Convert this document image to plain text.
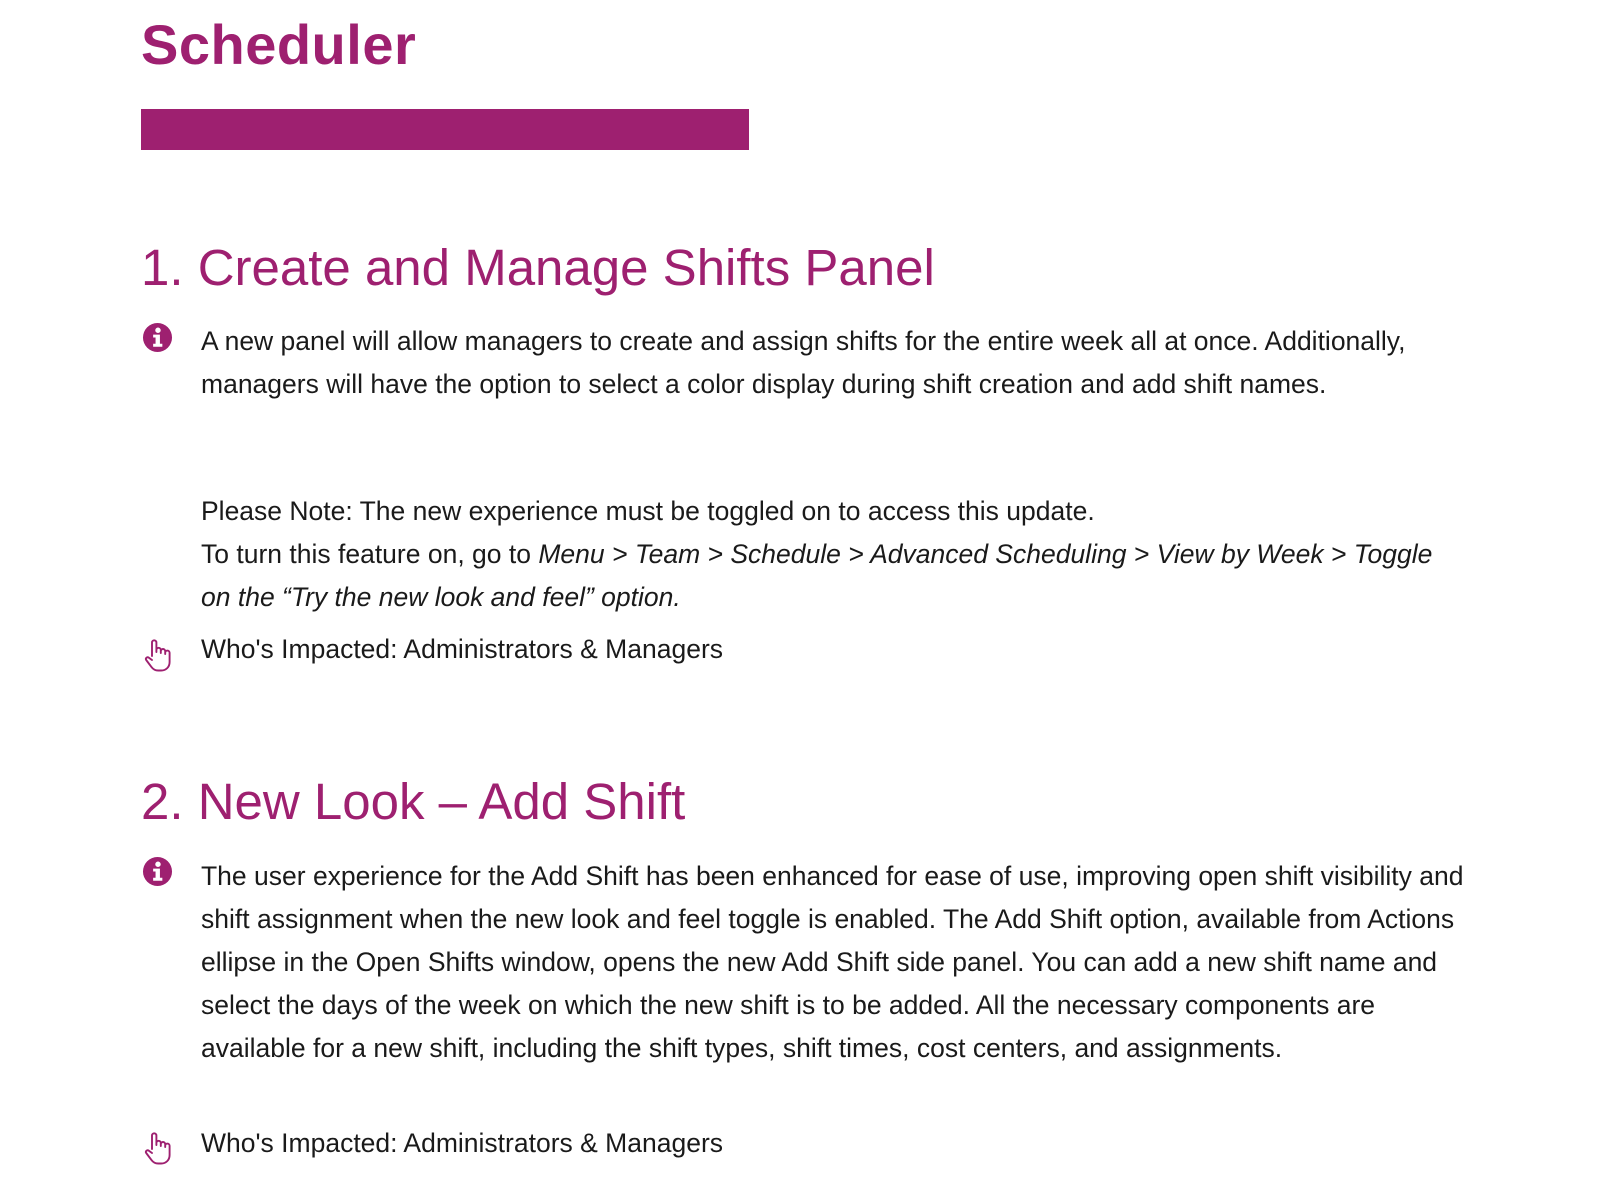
Scheduler
1. Create and Manage Shifts Panel

A new panel will allow managers to create and assign shifts for the entire week all at once. Additionally, managers will have the option to select a color display during shift creation and add shift names.

Please Note: The new experience must be toggled on to access this update.

To turn this feature on, go to Menu > Team > Schedule > Advanced Scheduling > View by Week > Toggle on the “Try the new look and feel” option.

Who's Impacted: Administrators & Managers

2. New Look – Add Shift

The user experience for the Add Shift has been enhanced for ease of use, improving open shift visibility and shift assignment when the new look and feel toggle is enabled. The Add Shift option, available from Actions ellipse in the Open Shifts window, opens the new Add Shift side panel. You can add a new shift name and select the days of the week on which the new shift is to be added. All the necessary components are available for a new shift, including the shift types, shift times, cost centers, and assignments.

Who's Impacted: Administrators & Managers
